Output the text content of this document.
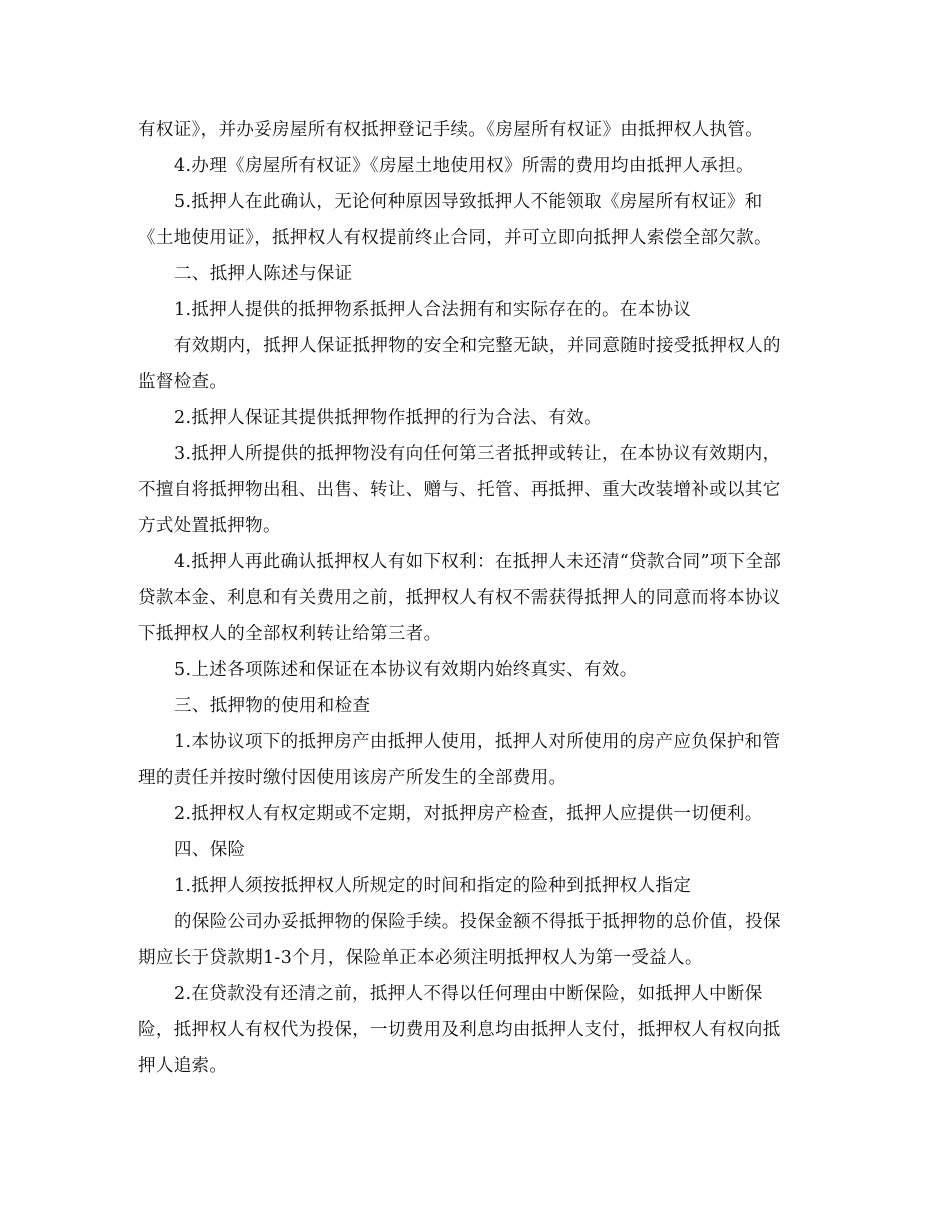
有权证》，并办妥房屋所有权抵押登记手续。《房屋所有权证》由抵押权人执管。
4.办理《房屋所有权证》《房屋土地使用权》所需的费用均由抵押人承担。
5.抵押人在此确认，无论何种原因导致抵押人不能领取《房屋所有权证》和
《土地使用证》，抵押权人有权提前终止合同，并可立即向抵押人索偿全部欠款。
二、抵押人陈述与保证
1.抵押人提供的抵押物系抵押人合法拥有和实际存在的。在本协议
有效期内，抵押人保证抵押物的安全和完整无缺，并同意随时接受抵押权人的
监督检查。
2.抵押人保证其提供抵押物作抵押的行为合法、有效。
3.抵押人所提供的抵押物没有向任何第三者抵押或转让，在本协议有效期内，
不擅自将抵押物出租、出售、转让、赠与、托管、再抵押、重大改装增补或以其它
方式处置抵押物。
4.抵押人再此确认抵押权人有如下权利：在抵押人未还清“贷款合同”项下全部
贷款本金、利息和有关费用之前，抵押权人有权不需获得抵押人的同意而将本协议
下抵押权人的全部权利转让给第三者。
5.上述各项陈述和保证在本协议有效期内始终真实、有效。
三、抵押物的使用和检查
1.本协议项下的抵押房产由抵押人使用，抵押人对所使用的房产应负保护和管
理的责任并按时缴付因使用该房产所发生的全部费用。
2.抵押权人有权定期或不定期，对抵押房产检查，抵押人应提供一切便利。
四、保险
1.抵押人须按抵押权人所规定的时间和指定的险种到抵押权人指定
的保险公司办妥抵押物的保险手续。投保金额不得抵于抵押物的总价值，投保
期应长于贷款期1-3个月，保险单正本必须注明抵押权人为第一受益人。
2.在贷款没有还清之前，抵押人不得以任何理由中断保险，如抵押人中断保
险，抵押权人有权代为投保，一切费用及利息均由抵押人支付，抵押权人有权向抵
押人追索。
